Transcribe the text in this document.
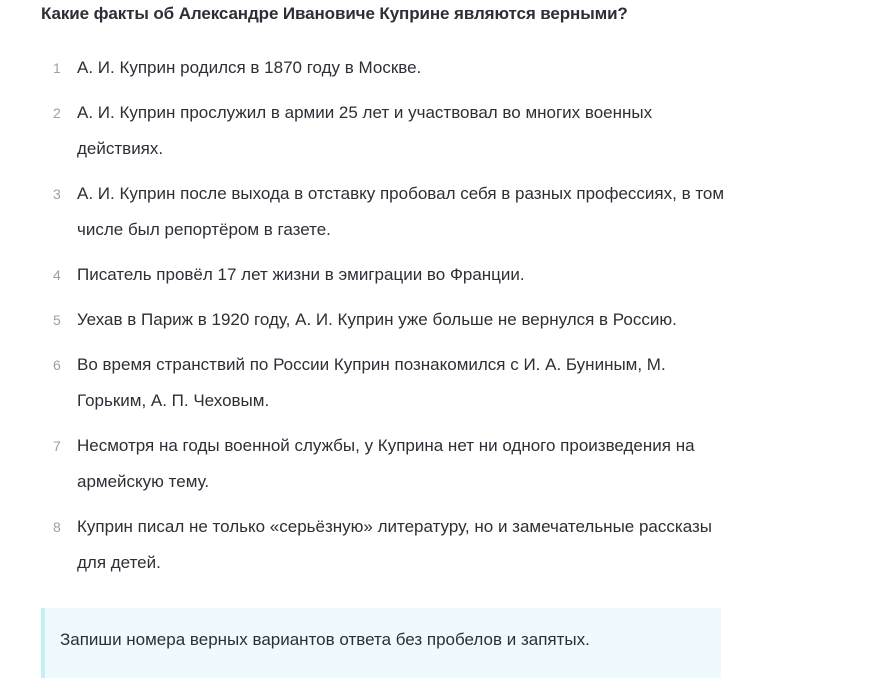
Какие факты об Александре Ивановиче Куприне являются верными?
1 А. И. Куприн родился в 1870 году в Москве.
2 А. И. Куприн прослужил в армии 25 лет и участвовал во многих военных действиях.
3 А. И. Куприн после выхода в отставку пробовал себя в разных профессиях, в том числе был репортёром в газете.
4 Писатель провёл 17 лет жизни в эмиграции во Франции.
5 Уехав в Париж в 1920 году, А. И. Куприн уже больше не вернулся в Россию.
6 Во время странствий по России Куприн познакомился с И. А. Буниным, М. Горьким, А. П. Чеховым.
7 Несмотря на годы военной службы, у Куприна нет ни одного произведения на армейскую тему.
8 Куприн писал не только «серьёзную» литературу, но и замечательные рассказы для детей.
Запиши номера верных вариантов ответа без пробелов и запятых.
